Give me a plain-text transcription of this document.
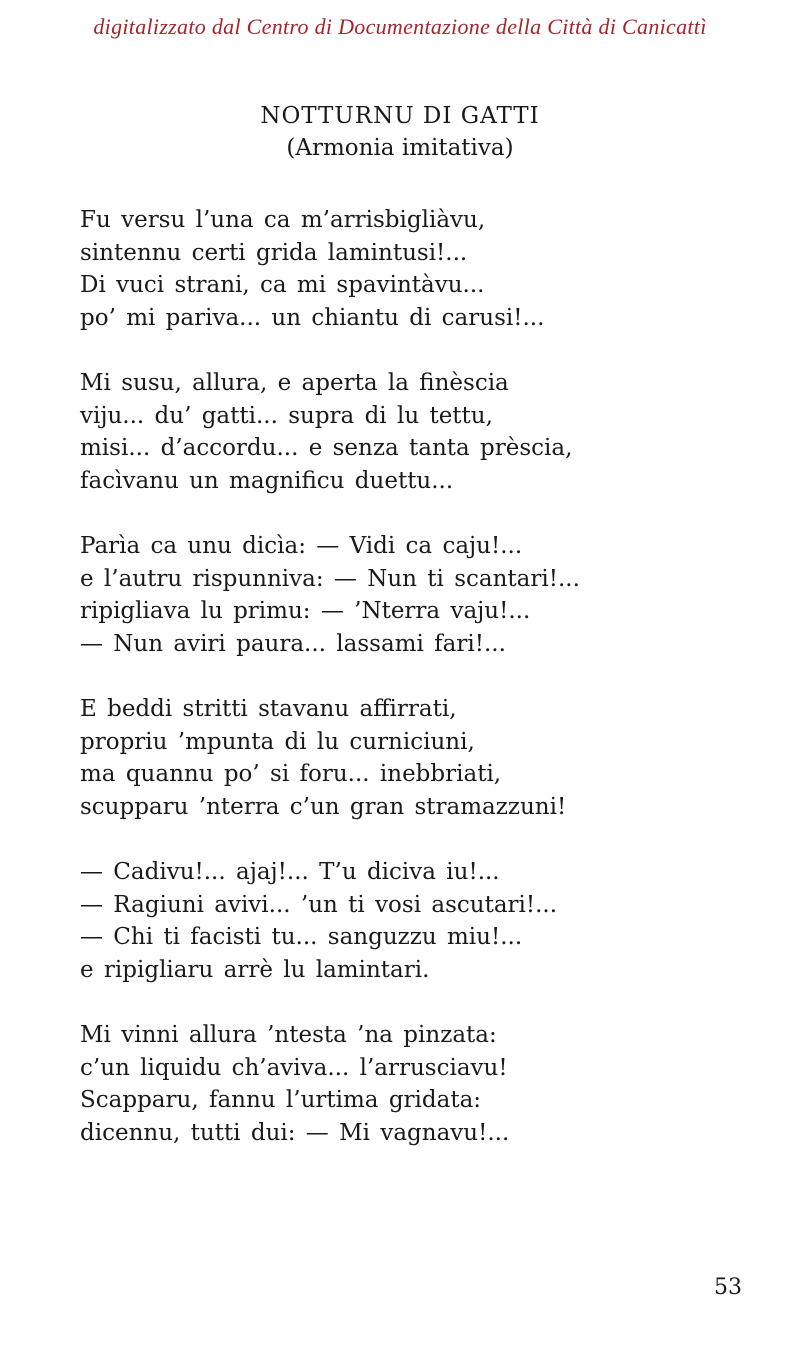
digitalizzato dal Centro di Documentazione della Città di Canicattì
NOTTURNU DI GATTI
(Armonia imitativa)
Fu versu l’una ca m’arrisbigliàvu,
sintennu certi grida lamintusi!...
Di vuci strani, ca mi spavintàvu...
po’ mi pariva... un chiantu di carusi!...
Mi susu, allura, e aperta la finèscia
viju... du’ gatti... supra di lu tettu,
misi... d’accordu... e senza tanta prèscia,
facìvanu un magnificu duettu...
Parìa ca unu dicìa: — Vidi ca caju!...
e l’autru rispunniva: — Nun ti scantari!...
ripigliava lu primu: — ’Nterra vaju!...
— Nun aviri paura... lassami fari!...
E beddi stritti stavanu affirrati,
propriu ’mpunta di lu curniciuni,
ma quannu po’ si foru... inebbriati,
scupparu ’nterra c’un gran stramazzuni!
— Cadivu!... ajaj!... T’u diciva iu!...
— Ragiuni avivi... ’un ti vosi ascutari!...
— Chi ti facisti tu... sanguzzu miu!...
e ripigliaru arrè lu lamintari.
Mi vinni allura ’ntesta ’na pinzata:
c’un liquidu ch’aviva... l’arrusciavu!
Scapparu, fannu l’urtima gridata:
dicennu, tutti dui: — Mi vagnavu!...
53
